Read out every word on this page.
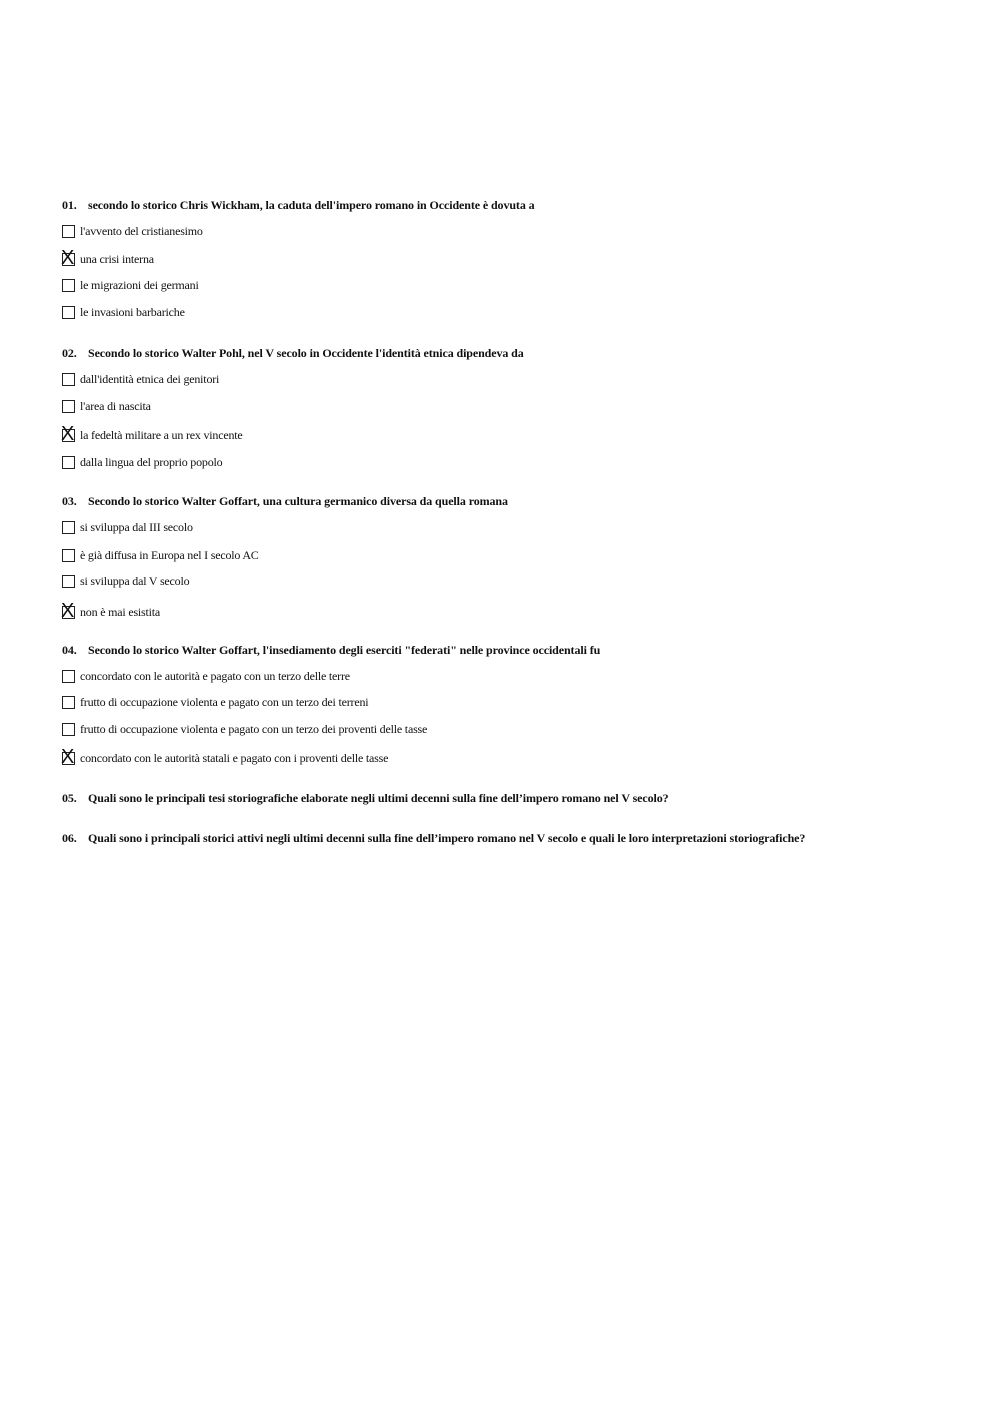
01. secondo lo storico Chris Wickham, la caduta dell'impero romano in Occidente è dovuta a
l'avvento del cristianesimo
X una crisi interna
le migrazioni dei germani
le invasioni barbariche
02. Secondo lo storico Walter Pohl, nel V secolo in Occidente l'identità etnica dipendeva da
dall'identità etnica dei genitori
l'area di nascita
X la fedeltà militare a un rex vincente
dalla lingua del proprio popolo
03. Secondo lo storico Walter Goffart, una cultura germanico diversa da quella romana
si sviluppa dal III secolo
è già diffusa in Europa nel I secolo AC
si sviluppa dal V secolo
X non è mai esistita
04. Secondo lo storico Walter Goffart, l'insediamento degli eserciti "federati" nelle province occidentali fu
concordato con le autorità e pagato con un terzo delle terre
frutto di occupazione violenta e pagato con un terzo dei terreni
frutto di occupazione violenta e pagato con un terzo dei proventi delle tasse
X concordato con le autorità statali e pagato con i proventi delle tasse
05. Quali sono le principali tesi storiografiche elaborate negli ultimi decenni sulla fine dell’impero romano nel V secolo?
06. Quali sono i principali storici attivi negli ultimi decenni sulla fine dell’impero romano nel V secolo e quali le loro interpretazioni storiografiche?
